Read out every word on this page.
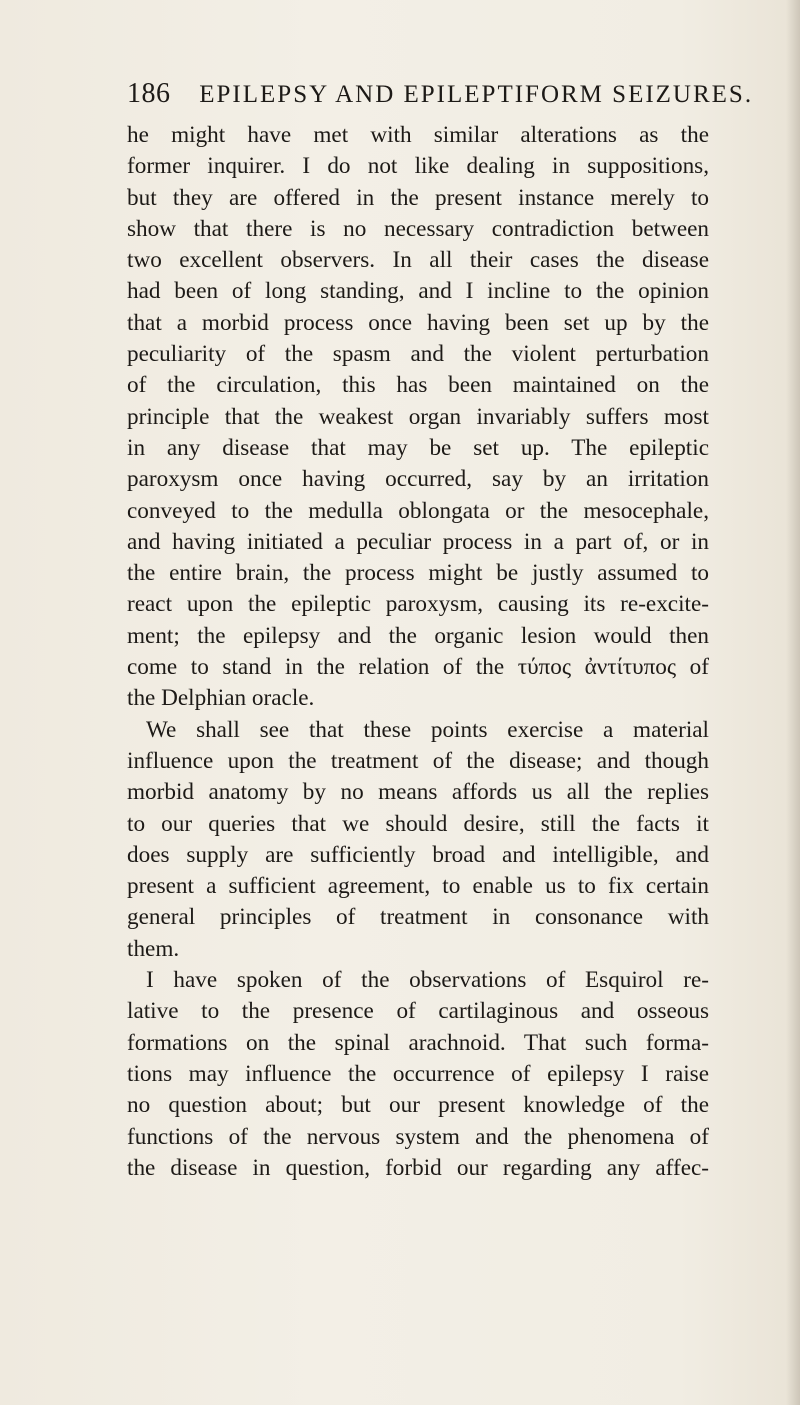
186 EPILEPSY AND EPILEPTIFORM SEIZURES.
he might have met with similar alterations as the
former inquirer. I do not like dealing in suppositions,
but they are offered in the present instance merely to
show that there is no necessary contradiction between
two excellent observers. In all their cases the disease
had been of long standing, and I incline to the opinion
that a morbid process once having been set up by the
peculiarity of the spasm and the violent perturbation
of the circulation, this has been maintained on the
principle that the weakest organ invariably suffers most
in any disease that may be set up. The epileptic
paroxysm once having occurred, say by an irritation
conveyed to the medulla oblongata or the mesocephale,
and having initiated a peculiar process in a part of, or in
the entire brain, the process might be justly assumed to
react upon the epileptic paroxysm, causing its re-excite-
ment; the epilepsy and the organic lesion would then
come to stand in the relation of the τύπος ἀντίτυπος of
the Delphian oracle.
We shall see that these points exercise a material
influence upon the treatment of the disease; and though
morbid anatomy by no means affords us all the replies
to our queries that we should desire, still the facts it
does supply are sufficiently broad and intelligible, and
present a sufficient agreement, to enable us to fix certain
general principles of treatment in consonance with
them.
I have spoken of the observations of Esquirol re-
lative to the presence of cartilaginous and osseous
formations on the spinal arachnoid. That such forma-
tions may influence the occurrence of epilepsy I raise
no question about; but our present knowledge of the
functions of the nervous system and the phenomena of
the disease in question, forbid our regarding any affec-
